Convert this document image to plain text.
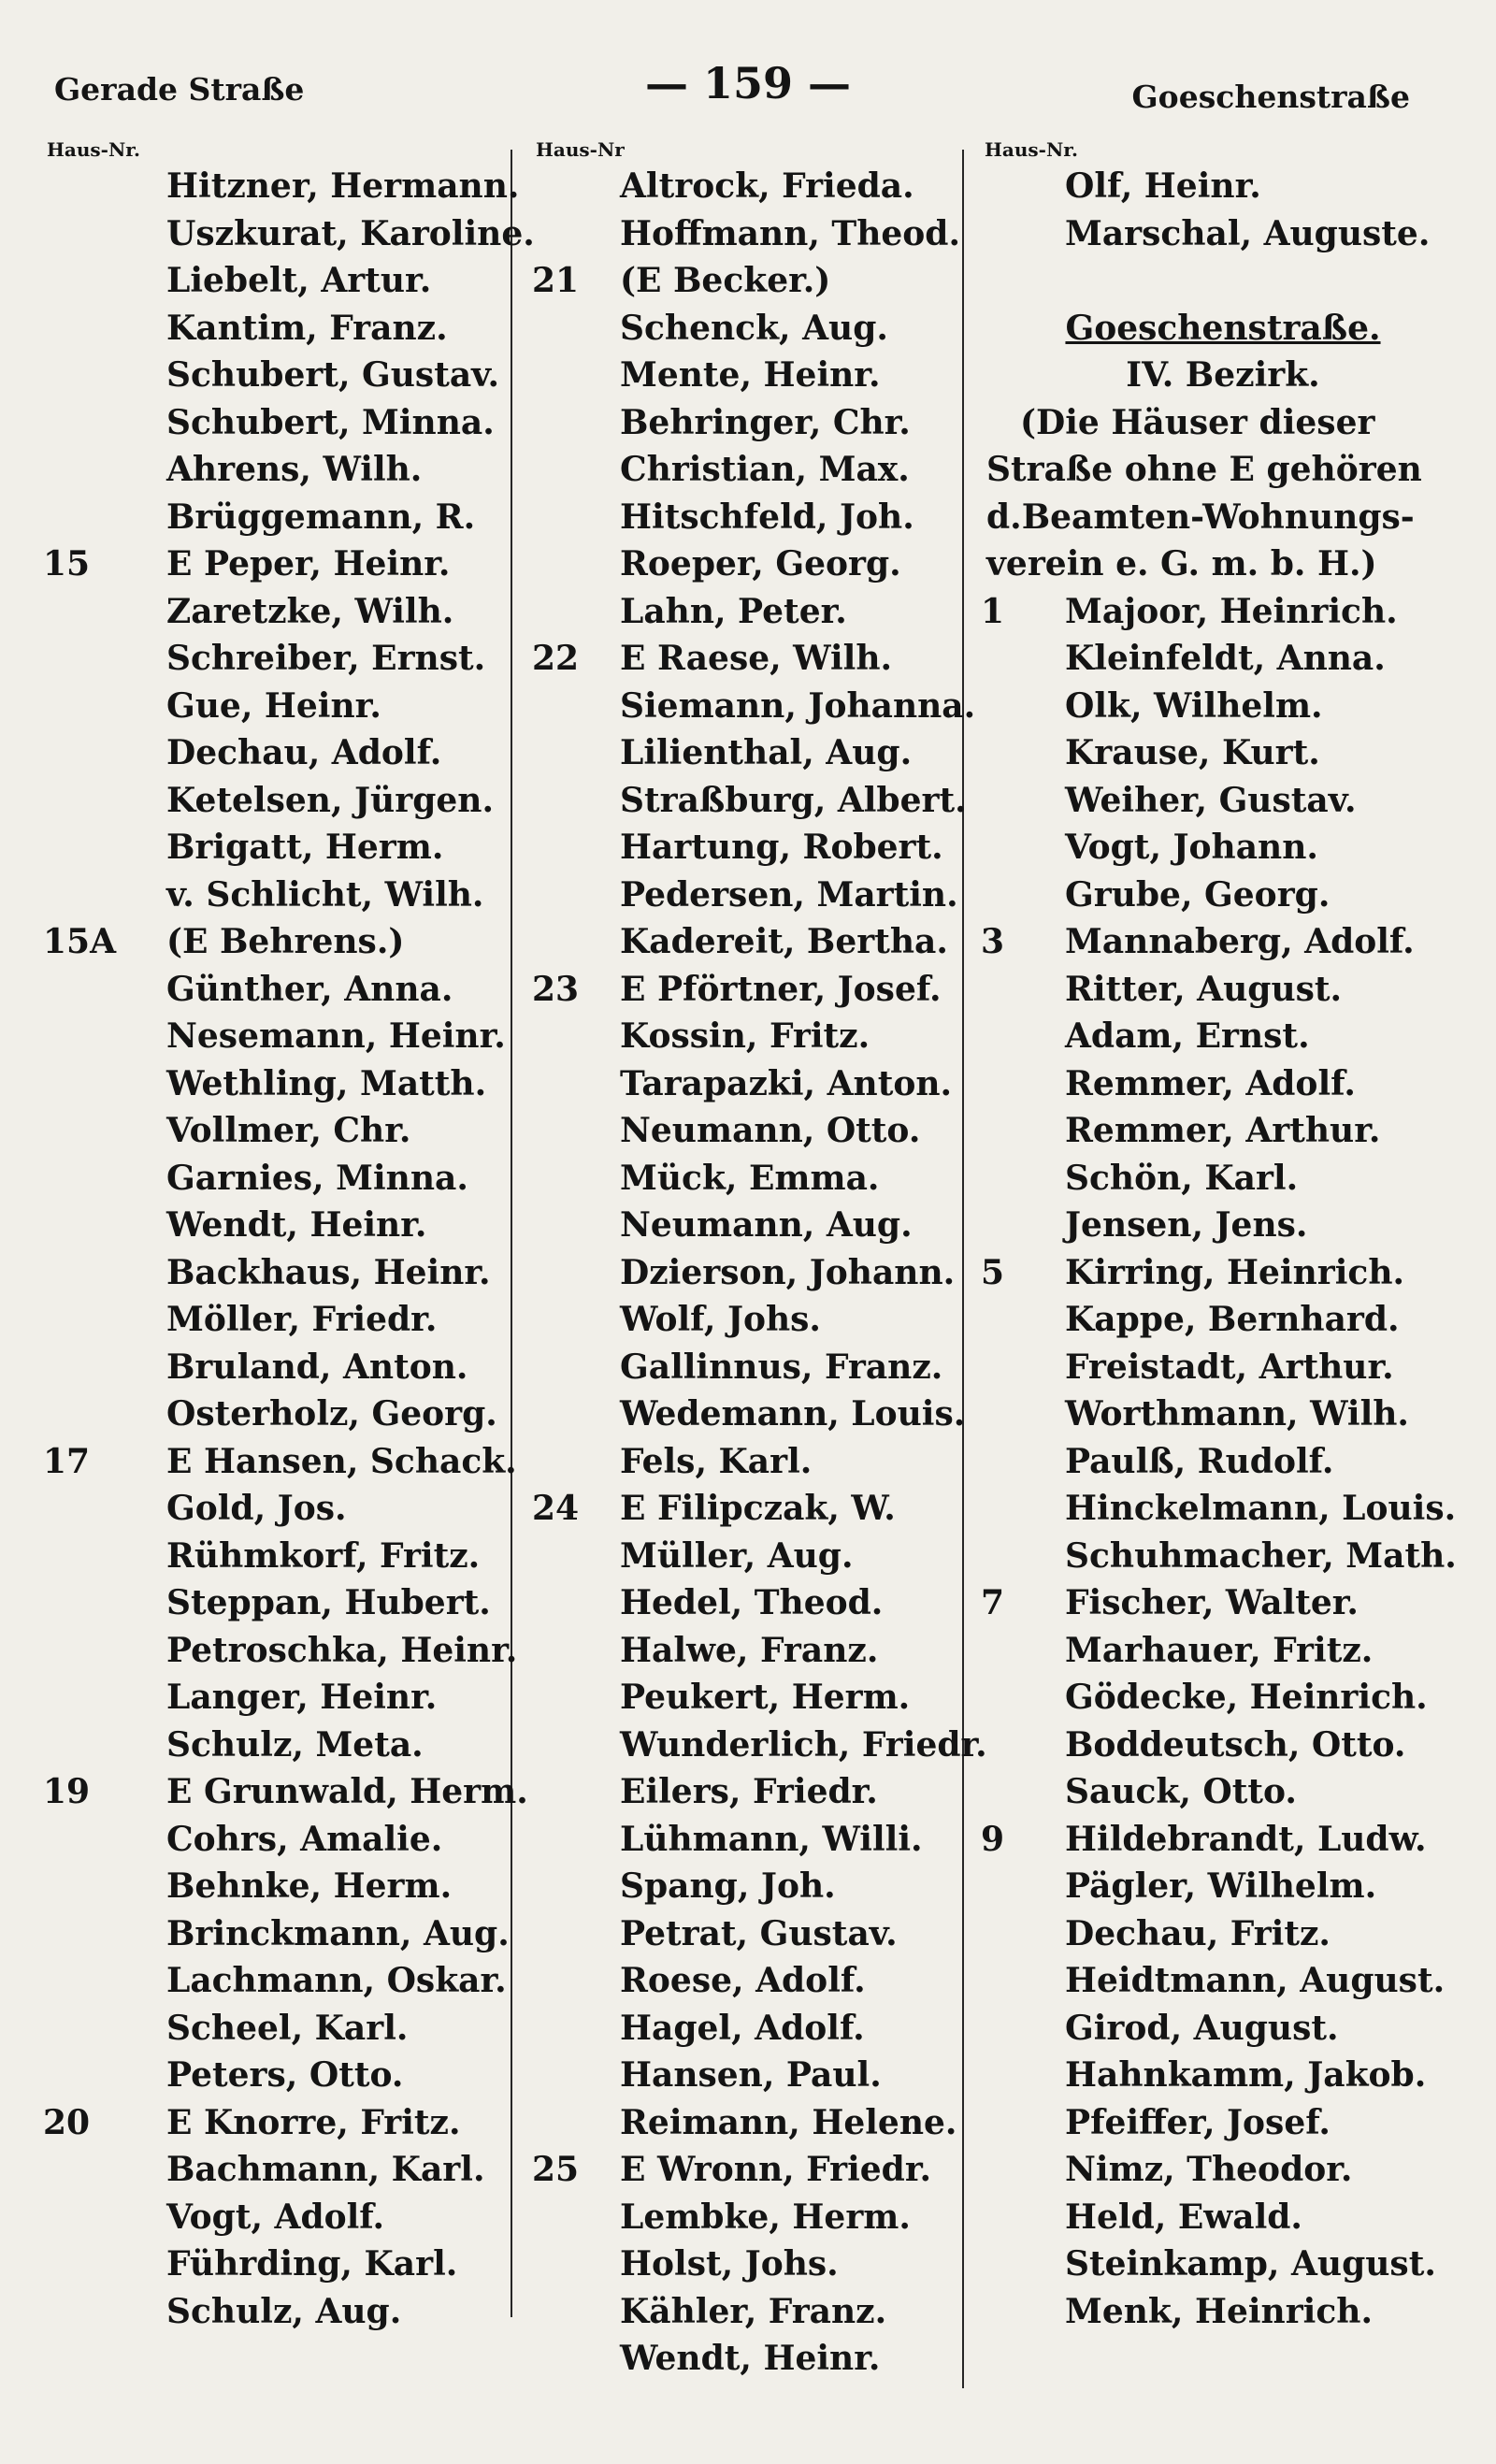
Gerade Straße	— 159 —	Goeschenstraße
Haus-Nr.
Hitzner, Hermann.
Uszkurat, Karoline.
Liebelt, Artur.
Kantim, Franz.
Schubert, Gustav.
Schubert, Minna.
Ahrens, Wilh.
Brüggemann, R.
15 E Peper, Heinr.
Zaretzke, Wilh.
Schreiber, Ernst.
Gue, Heinr.
Dechau, Adolf.
Ketelsen, Jürgen.
Brigatt, Herm.
v. Schlicht, Wilh.
15A (E Behrens.)
Günther, Anna.
Nesemann, Heinr.
Wethling, Matth.
Vollmer, Chr.
Garnies, Minna.
Wendt, Heinr.
Backhaus, Heinr.
Möller, Friedr.
Bruland, Anton.
Osterholz, Georg.
17 E Hansen, Schack.
Gold, Jos.
Rühmkorf, Fritz.
Steppan, Hubert.
Petroschka, Heinr.
Langer, Heinr.
Schulz, Meta.
19 E Grunwald, Herm.
Cohrs, Amalie.
Behnke, Herm.
Brinckmann, Aug.
Lachmann, Oskar.
Scheel, Karl.
Peters, Otto.
20 E Knorre, Fritz.
Bachmann, Karl.
Vogt, Adolf.
Führding, Karl.
Schulz, Aug.
Haus-Nr
Altrock, Frieda.
Hoffmann, Theod.
21 (E Becker.)
Schenck, Aug.
Mente, Heinr.
Behringer, Chr.
Christian, Max.
Hitschfeld, Joh.
Roeper, Georg.
Lahn, Peter.
22 E Raese, Wilh.
Siemann, Johanna.
Lilienthal, Aug.
Straßburg, Albert.
Hartung, Robert.
Pedersen, Martin.
Kadereit, Bertha.
23 E Pförtner, Josef.
Kossin, Fritz.
Tarapazki, Anton.
Neumann, Otto.
Mück, Emma.
Neumann, Aug.
Dzierson, Johann.
Wolf, Johs.
Gallinnus, Franz.
Wedemann, Louis.
Fels, Karl.
24 E Filipczak, W.
Müller, Aug.
Hedel, Theod.
Halwe, Franz.
Peukert, Herm.
Wunderlich, Friedr.
Eilers, Friedr.
Lühmann, Willi.
Spang, Joh.
Petrat, Gustav.
Roese, Adolf.
Hagel, Adolf.
Hansen, Paul.
Reimann, Helene.
25 E Wronn, Friedr.
Lembke, Herm.
Holst, Johs.
Kähler, Franz.
Wendt, Heinr.
Haus-Nr.
Olf, Heinr.
Marschal, Auguste.
Goeschenstraße.
IV. Bezirk.
(Die Häuser dieser
Straße ohne E gehören
d.Beamten-Wohnungs-
verein e. G. m. b. H.)
1 Majoor, Heinrich.
Kleinfeldt, Anna.
Olk, Wilhelm.
Krause, Kurt.
Weiher, Gustav.
Vogt, Johann.
Grube, Georg.
3 Mannaberg, Adolf.
Ritter, August.
Adam, Ernst.
Remmer, Adolf.
Remmer, Arthur.
Schön, Karl.
Jensen, Jens.
5 Kirring, Heinrich.
Kappe, Bernhard.
Freistadt, Arthur.
Worthmann, Wilh.
Paulß, Rudolf.
Hinckelmann, Louis.
Schuhmacher, Math.
7 Fischer, Walter.
Marhauer, Fritz.
Gödecke, Heinrich.
Boddeutsch, Otto.
Sauck, Otto.
9 Hildebrandt, Ludw.
Pägler, Wilhelm.
Dechau, Fritz.
Heidtmann, August.
Girod, August.
Hahnkamm, Jakob.
Pfeiffer, Josef.
Nimz, Theodor.
Held, Ewald.
Steinkamp, August.
Menk, Heinrich.
